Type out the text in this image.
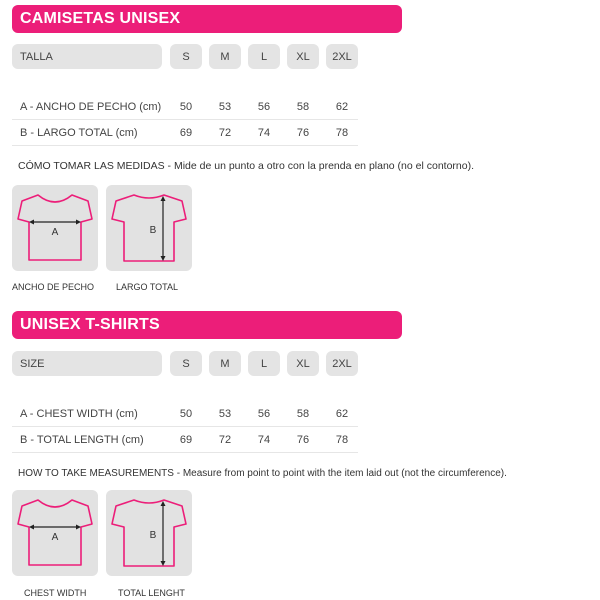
CAMISETAS UNISEX
TALLA		S		M		L		XL		2XL

A - ANCHO DE PECHO (cm)		50		53		56		58		62
B - LARGO TOTAL (cm)		69		72		74		76		78
CÓMO TOMAR LAS MEDIDAS - Mide de un punto a otro con la prenda en plano (no el contorno).
A
ANCHO DE PECHO
B
LARGO TOTAL
UNISEX T-SHIRTS
SIZE		S		M		L		XL		2XL

A - CHEST WIDTH (cm)		50		53		56		58		62
B - TOTAL LENGTH (cm)		69		72		74		76		78
HOW TO TAKE MEASUREMENTS - Measure from point to point with the item laid out (not the circumference).
A
CHEST WIDTH
B
TOTAL LENGHT
